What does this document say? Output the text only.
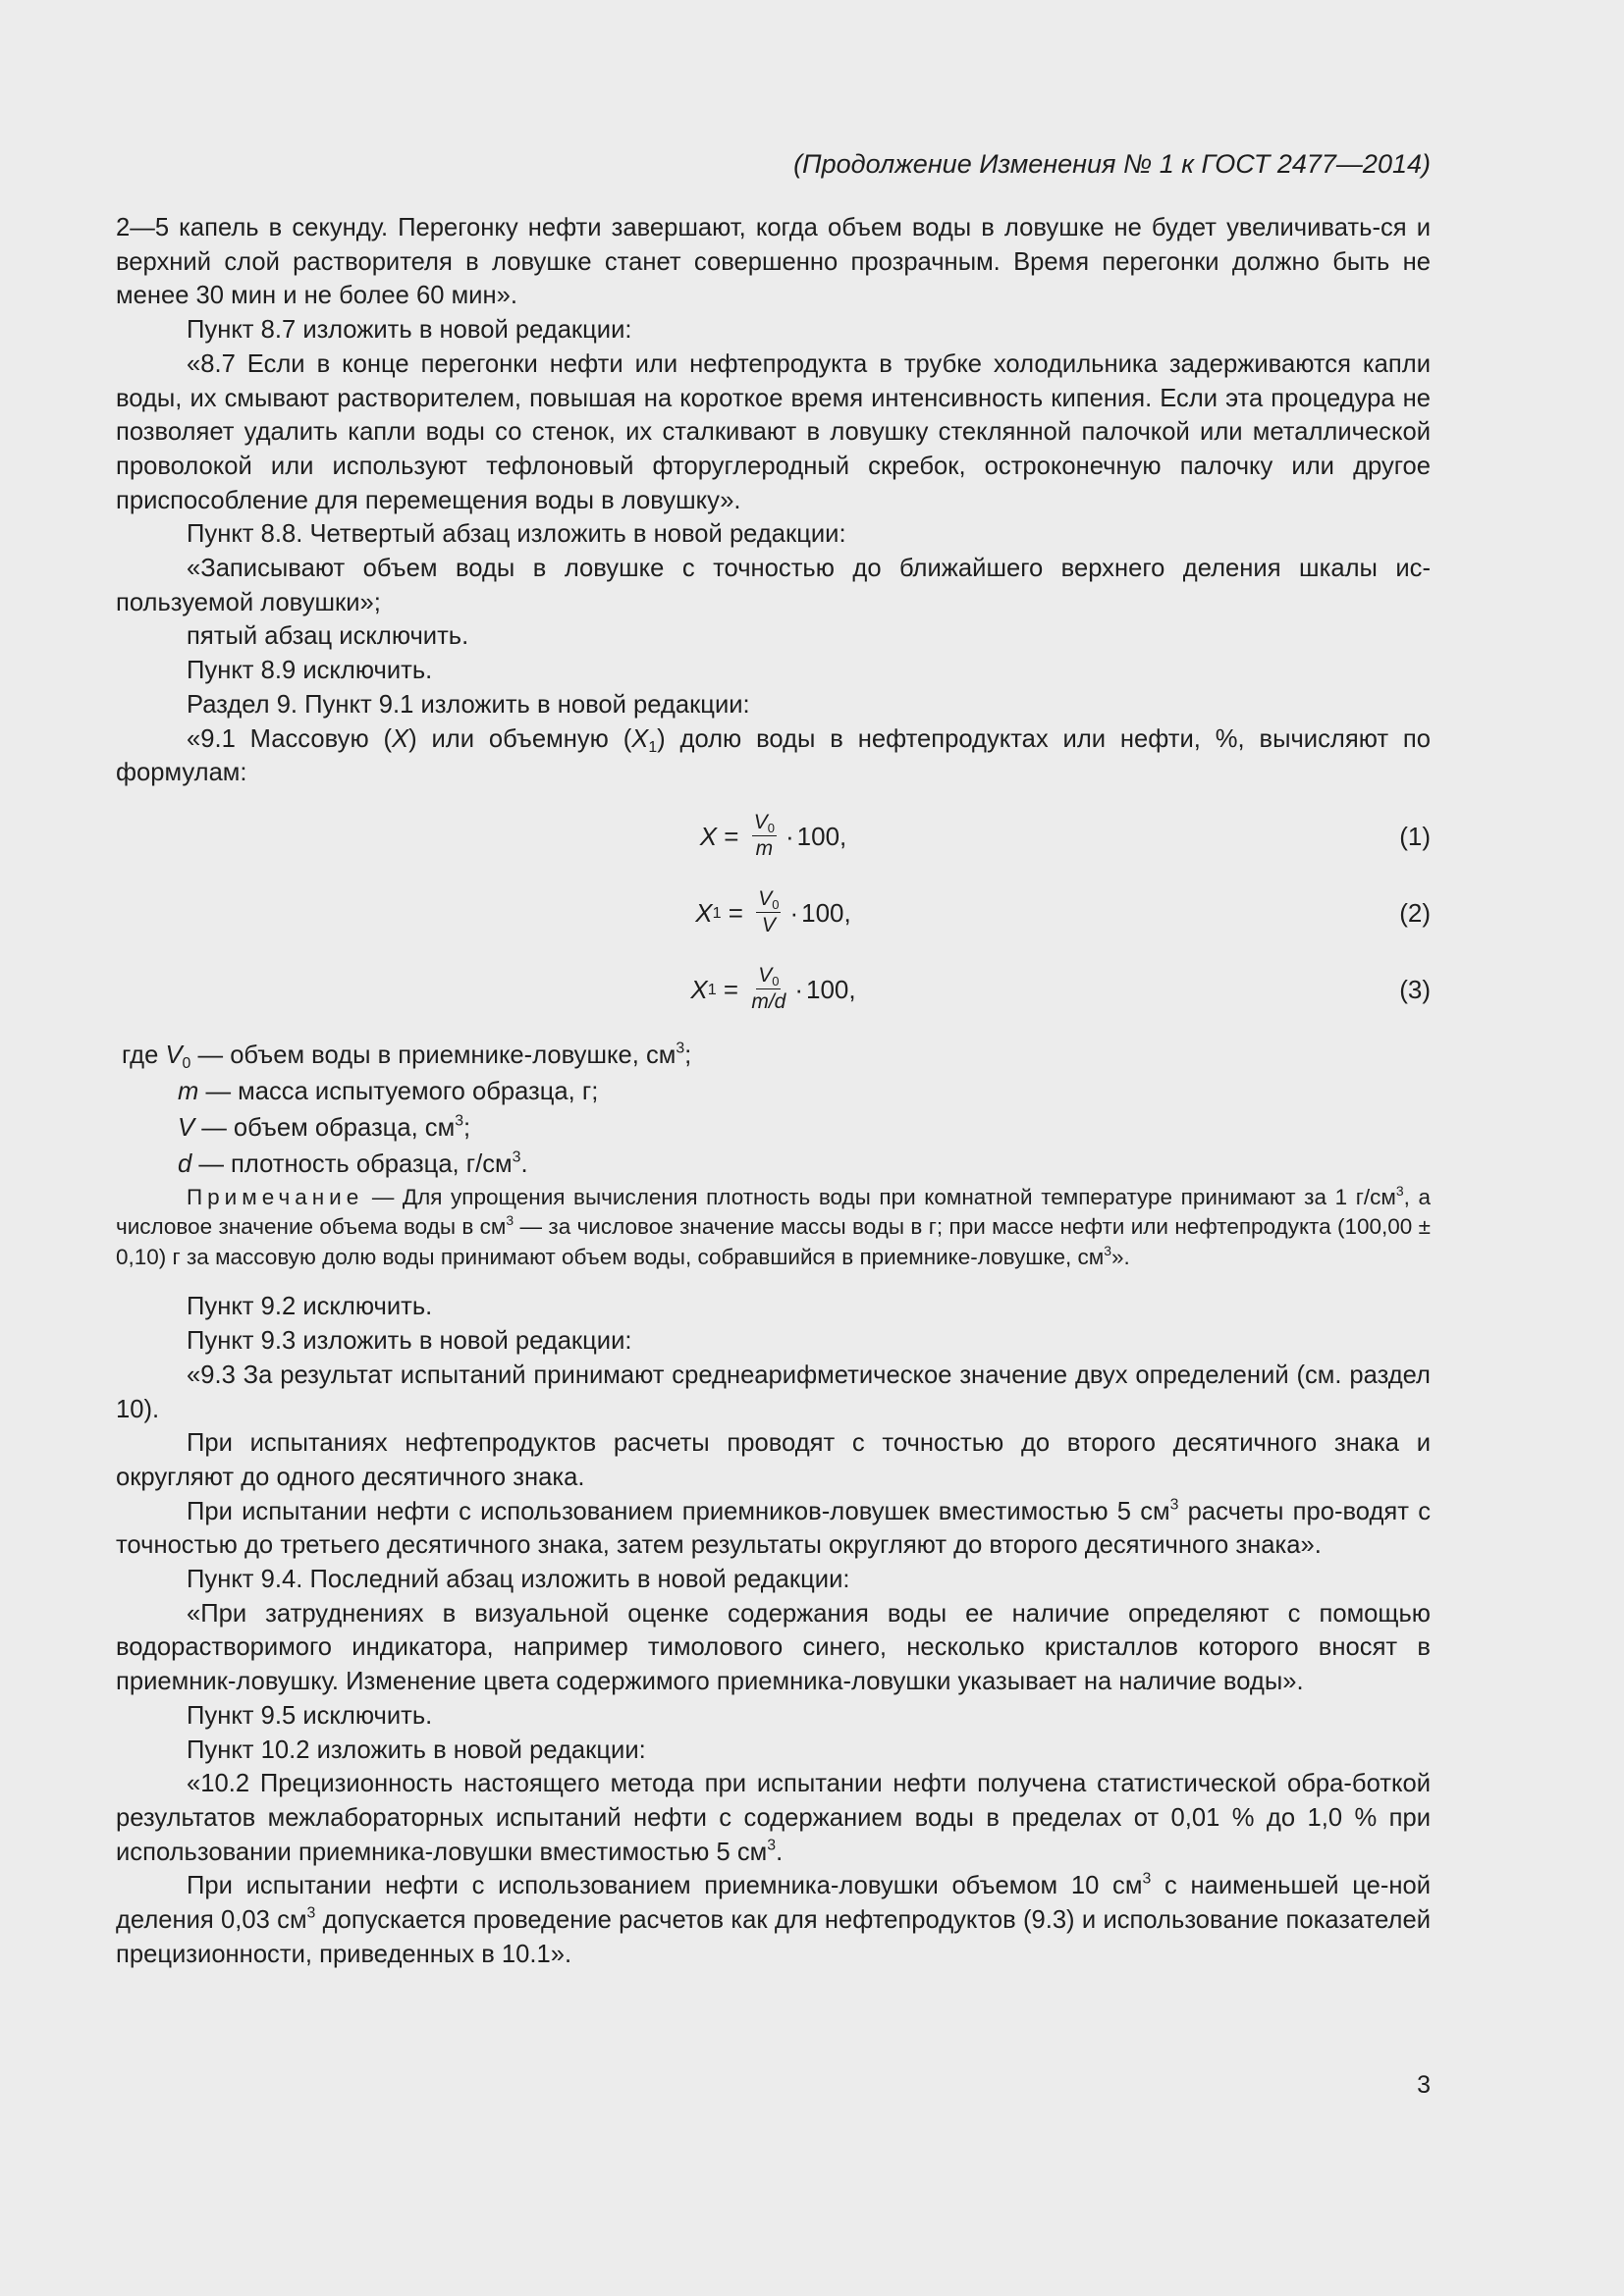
(Продолжение Изменения № 1 к ГОСТ 2477—2014)

2—5 капель в секунду. Перегонку нефти завершают, когда объем воды в ловушке не будет увеличивать-ся и верхний слой растворителя в ловушке станет совершенно прозрачным. Время перегонки должно быть не менее 30 мин и не более 60 мин».

Пункт 8.7 изложить в новой редакции:

«8.7 Если в конце перегонки нефти или нефтепродукта в трубке холодильника задерживаются капли воды, их смывают растворителем, повышая на короткое время интенсивность кипения. Если эта процедура не позволяет удалить капли воды со стенок, их сталкивают в ловушку стеклянной палочкой или металлической проволокой или используют тефлоновый фторуглеродный скребок, остроконечную палочку или другое приспособление для перемещения воды в ловушку».

Пункт 8.8. Четвертый абзац изложить в новой редакции:

«Записывают объем воды в ловушке с точностью до ближайшего верхнего деления шкалы ис-пользуемой ловушки»;

пятый абзац исключить.

Пункт 8.9 исключить.

Раздел 9. Пункт 9.1 изложить в новой редакции:

«9.1 Массовую (X) или объемную $(X_1)$ долю воды в нефтепродуктах или нефти, %, вычисляют по формулам:

$X = \frac{V_0}{m} \cdot 100$,	(1)
X $1 = \frac{V_0}{V} \cdot 100$,	(2)
X $1 = \frac{V_0}{m/d} \cdot 100$,	(3)
где $V_0$ — объем воды в приемнике-ловушке, $см^3$;
m — масса испытуемого образца, г;
V — объем образца, $см^3$;
d — плотность образца, $г/см^3$.

Примечание — Для упрощения вычисления плотность воды при комнатной температуре принимают за 1 $г/см^3$, а числовое значение объема воды в $см^3$ — за числовое значение массы воды в г; при массе нефти или нефтепродукта (100,00 ± 0,10) г за массовую долю воды принимают объем воды, собравшийся в приемнике-ловушке, $см^3$».

Пункт 9.2 исключить.

Пункт 9.3 изложить в новой редакции:

«9.3 За результат испытаний принимают среднеарифметическое значение двух определений (см. раздел 10).

При испытаниях нефтепродуктов расчеты проводят с точностью до второго десятичного знака и округляют до одного десятичного знака.

При испытании нефти с использованием приемников-ловушек вместимостью 5 $см^3$ расчеты про-водят с точностью до третьего десятичного знака, затем результаты округляют до второго десятичного знака».

Пункт 9.4. Последний абзац изложить в новой редакции:

«При затруднениях в визуальной оценке содержания воды ее наличие определяют с помощью водорастворимого индикатора, например тимолового синего, несколько кристаллов которого вносят в приемник-ловушку. Изменение цвета содержимого приемника-ловушки указывает на наличие воды».

Пункт 9.5 исключить.

Пункт 10.2 изложить в новой редакции:

«10.2 Прецизионность настоящего метода при испытании нефти получена статистической обра-боткой результатов межлабораторных испытаний нефти с содержанием воды в пределах от 0,01 % до 1,0 % при использовании приемника-ловушки вместимостью 5 $см^3$.

При испытании нефти с использованием приемника-ловушки объемом 10 $см^3$ с наименьшей це-ной деления 0,03 $см^3$ допускается проведение расчетов как для нефтепродуктов (9.3) и использование показателей прецизионности, приведенных в 10.1».

3
